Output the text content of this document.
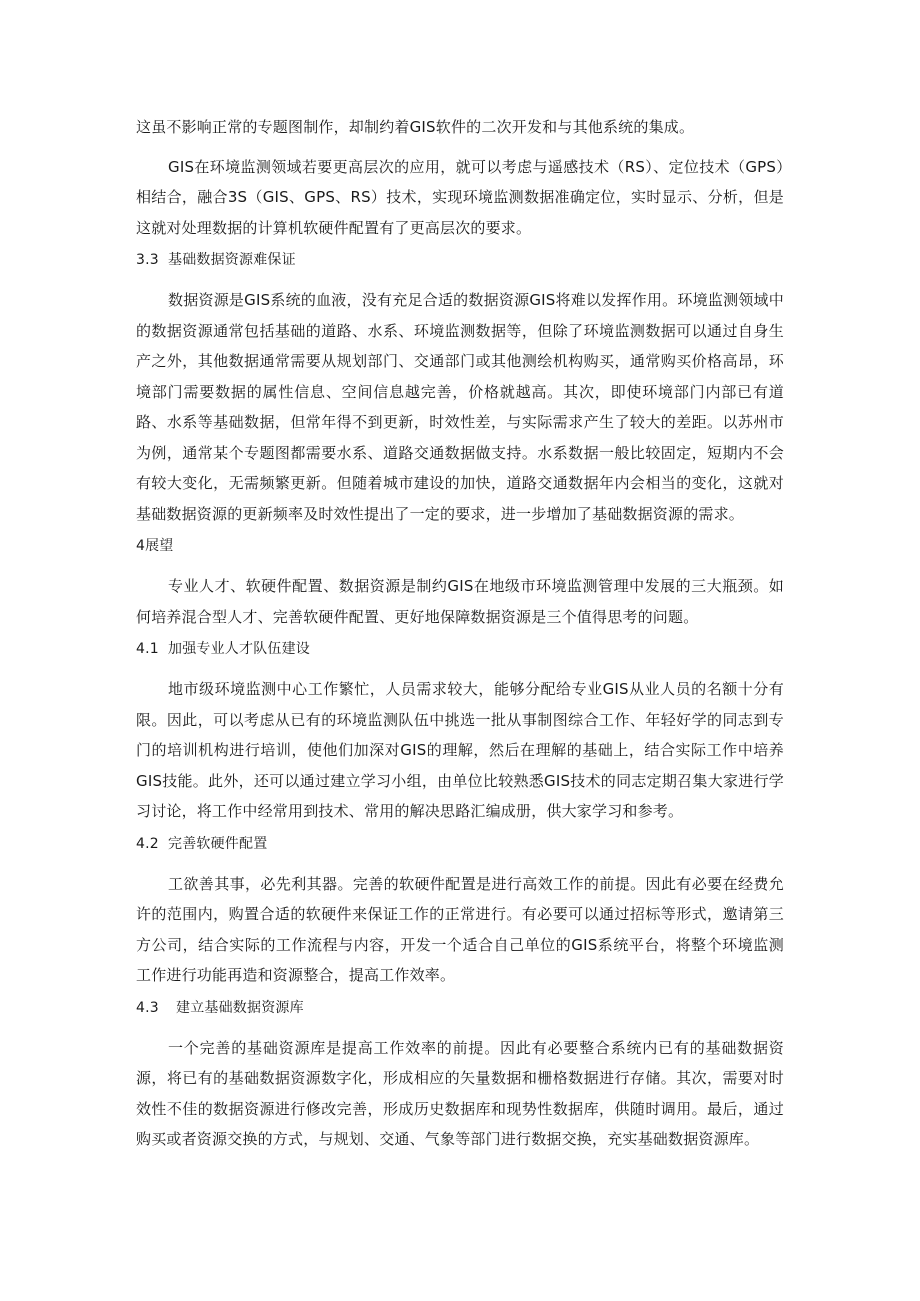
这虽不影响正常的专题图制作，却制约着GIS软件的二次开发和与其他系统的集成。

GIS在环境监测领域若要更高层次的应用，就可以考虑与遥感技术（RS）、定位技术（GPS）相结合，融合3S（GIS、GPS、RS）技术，实现环境监测数据准确定位，实时显示、分析，但是这就对处理数据的计算机软硬件配置有了更高层次的要求。

3.3 基础数据资源难保证

数据资源是GIS系统的血液，没有充足合适的数据资源GIS将难以发挥作用。环境监测领域中的数据资源通常包括基础的道路、水系、环境监测数据等，但除了环境监测数据可以通过自身生产之外，其他数据通常需要从规划部门、交通部门或其他测绘机构购买，通常购买价格高昂，环境部门需要数据的属性信息、空间信息越完善，价格就越高。其次，即使环境部门内部已有道路、水系等基础数据，但常年得不到更新，时效性差，与实际需求产生了较大的差距。以苏州市为例，通常某个专题图都需要水系、道路交通数据做支持。水系数据一般比较固定，短期内不会有较大变化，无需频繁更新。但随着城市建设的加快，道路交通数据年内会相当的变化，这就对基础数据资源的更新频率及时效性提出了一定的要求，进一步增加了基础数据资源的需求。

4展望

专业人才、软硬件配置、数据资源是制约GIS在地级市环境监测管理中发展的三大瓶颈。如何培养混合型人才、完善软硬件配置、更好地保障数据资源是三个值得思考的问题。

4.1 加强专业人才队伍建设

地市级环境监测中心工作繁忙，人员需求较大，能够分配给专业GIS从业人员的名额十分有限。因此，可以考虑从已有的环境监测队伍中挑选一批从事制图综合工作、年轻好学的同志到专门的培训机构进行培训，使他们加深对GIS的理解，然后在理解的基础上，结合实际工作中培养GIS技能。此外，还可以通过建立学习小组，由单位比较熟悉GIS技术的同志定期召集大家进行学习讨论，将工作中经常用到技术、常用的解决思路汇编成册，供大家学习和参考。

4.2 完善软硬件配置

工欲善其事，必先利其器。完善的软硬件配置是进行高效工作的前提。因此有必要在经费允许的范围内，购置合适的软硬件来保证工作的正常进行。有必要可以通过招标等形式，邀请第三方公司，结合实际的工作流程与内容，开发一个适合自己单位的GIS系统平台，将整个环境监测工作进行功能再造和资源整合，提高工作效率。

4.3 建立基础数据资源库

一个完善的基础资源库是提高工作效率的前提。因此有必要整合系统内已有的基础数据资源，将已有的基础数据资源数字化，形成相应的矢量数据和栅格数据进行存储。其次，需要对时效性不佳的数据资源进行修改完善，形成历史数据库和现势性数据库，供随时调用。最后，通过购买或者资源交换的方式，与规划、交通、气象等部门进行数据交换，充实基础数据资源库。
